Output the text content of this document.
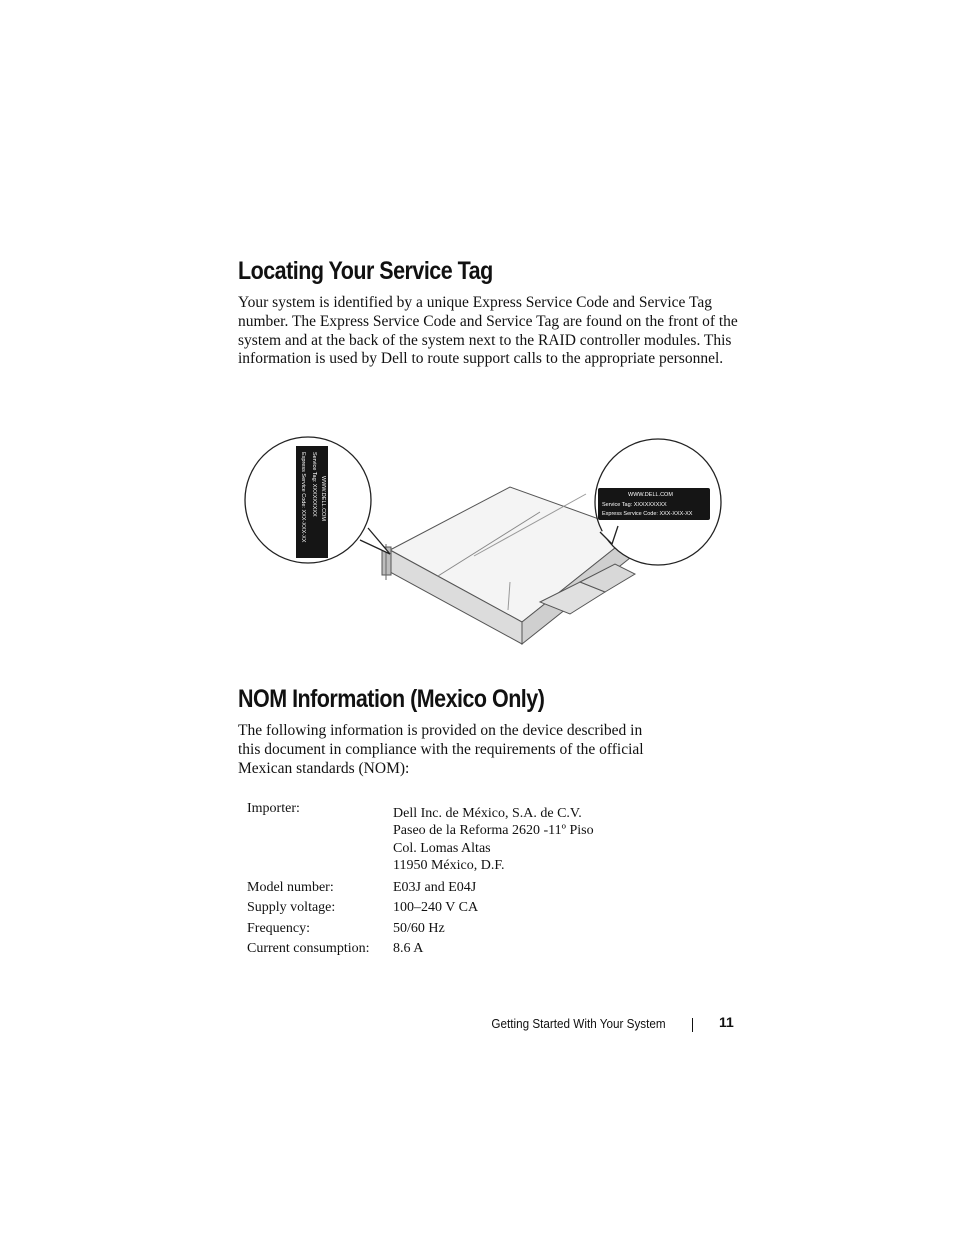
Locating Your Service Tag

Your system is identified by a unique Express Service Code and Service Tag number. The Express Service Code and Service Tag are found on the front of the system and at the back of the system next to the RAID controller modules. This information is used by Dell to route support calls to the appropriate personnel.

WWW.DELL.COM
Service Tag: XXXXXXXXX
Express Service Code: XXX-XXX-XX	WWW.DELL.COM
Service Tag: XXXXXXXXX
Express Service Code: XXX-XXX-XX
NOM Information (Mexico Only)

The following information is provided on the device described in this document in compliance with the requirements of the official Mexican standards (NOM):

Importer:	Dell Inc. de México, S.A. de C.V.
Paseo de la Reforma 2620 -11º Piso
Col. Lomas Altas
11950 México, D.F.
Model number:	E03J and E04J
Supply voltage:	100–240 V CA
Frequency:	50/60 Hz
Current consumption:	8.6 A
Getting Started With Your System	11
